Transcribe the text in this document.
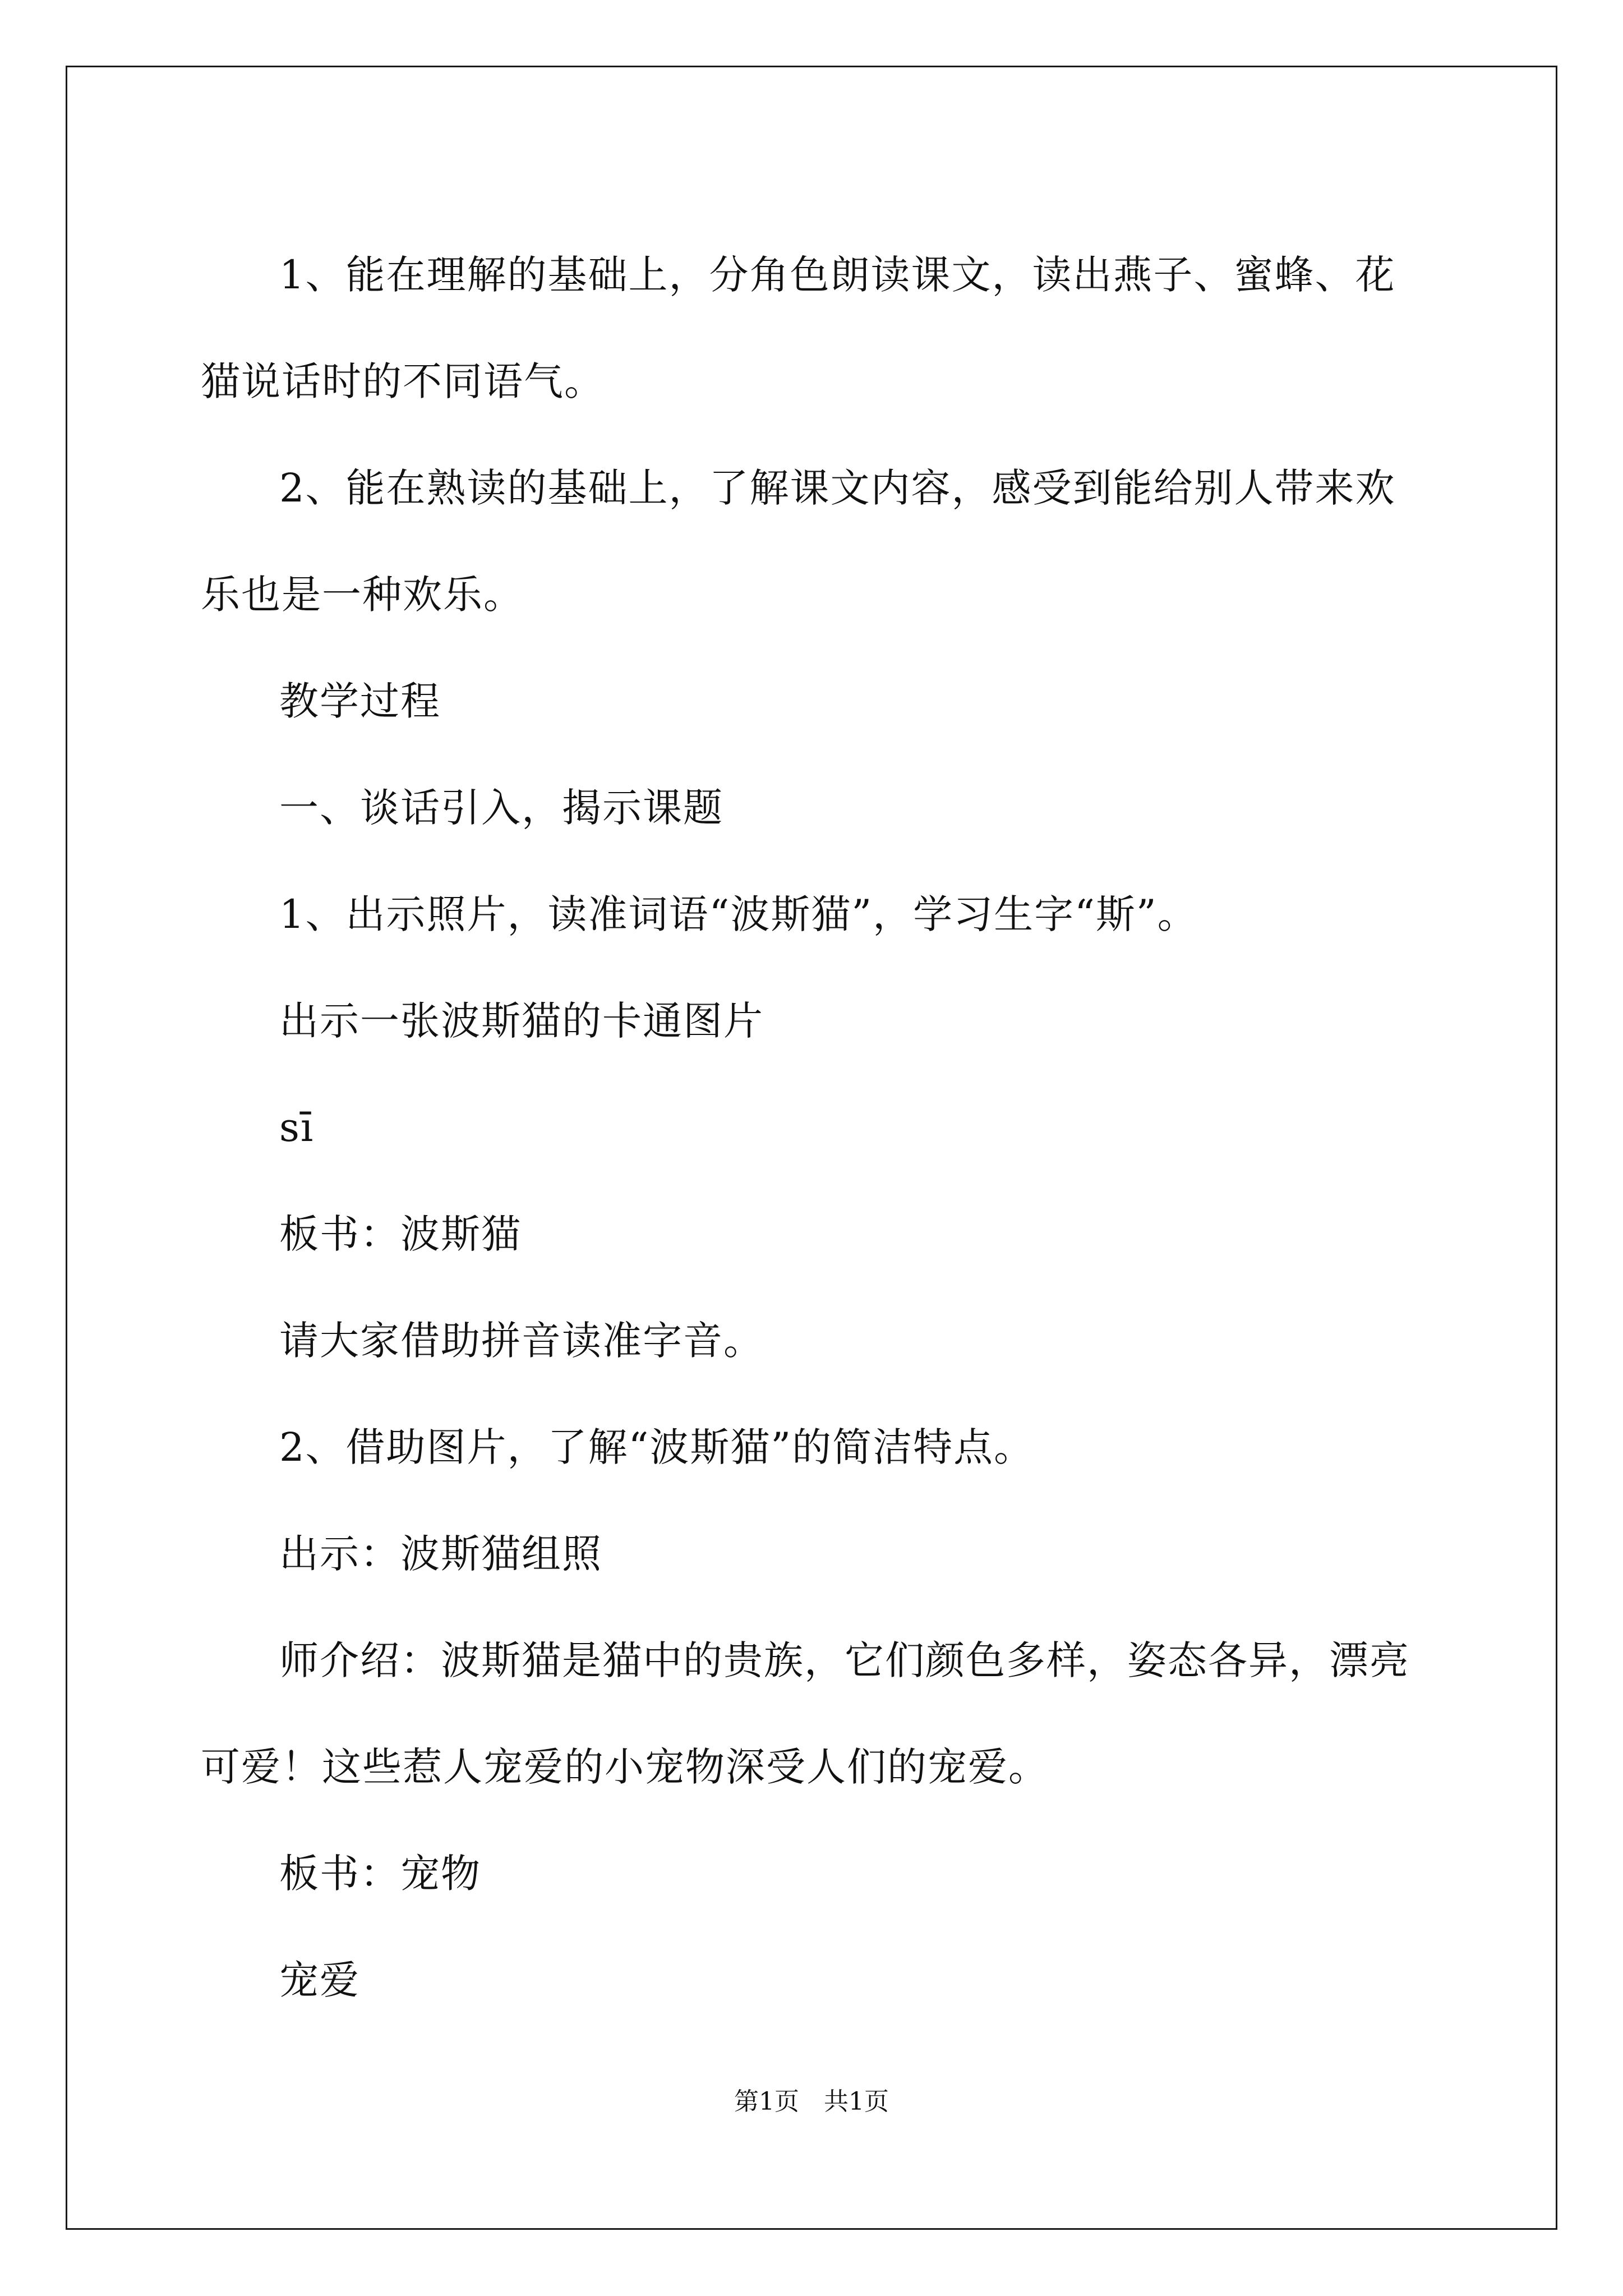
1、能在理解的基础上，分角色朗读课文，读出燕子、蜜蜂、花猫说话时的不同语气。

2、能在熟读的基础上，了解课文内容，感受到能给别人带来欢乐也是一种欢乐。

教学过程

一、谈话引入，揭示课题

1、出示照片，读准词语“波斯猫”，学习生字“斯”。

出示一张波斯猫的卡通图片

sī

板书：波斯猫

请大家借助拼音读准字音。

2、借助图片，了解“波斯猫”的简洁特点。

出示：波斯猫组照

师介绍：波斯猫是猫中的贵族，它们颜色多样，姿态各异，漂亮可爱！这些惹人宠爱的小宠物深受人们的宠爱。

板书：宠物

宠爱

第1页　共1页
